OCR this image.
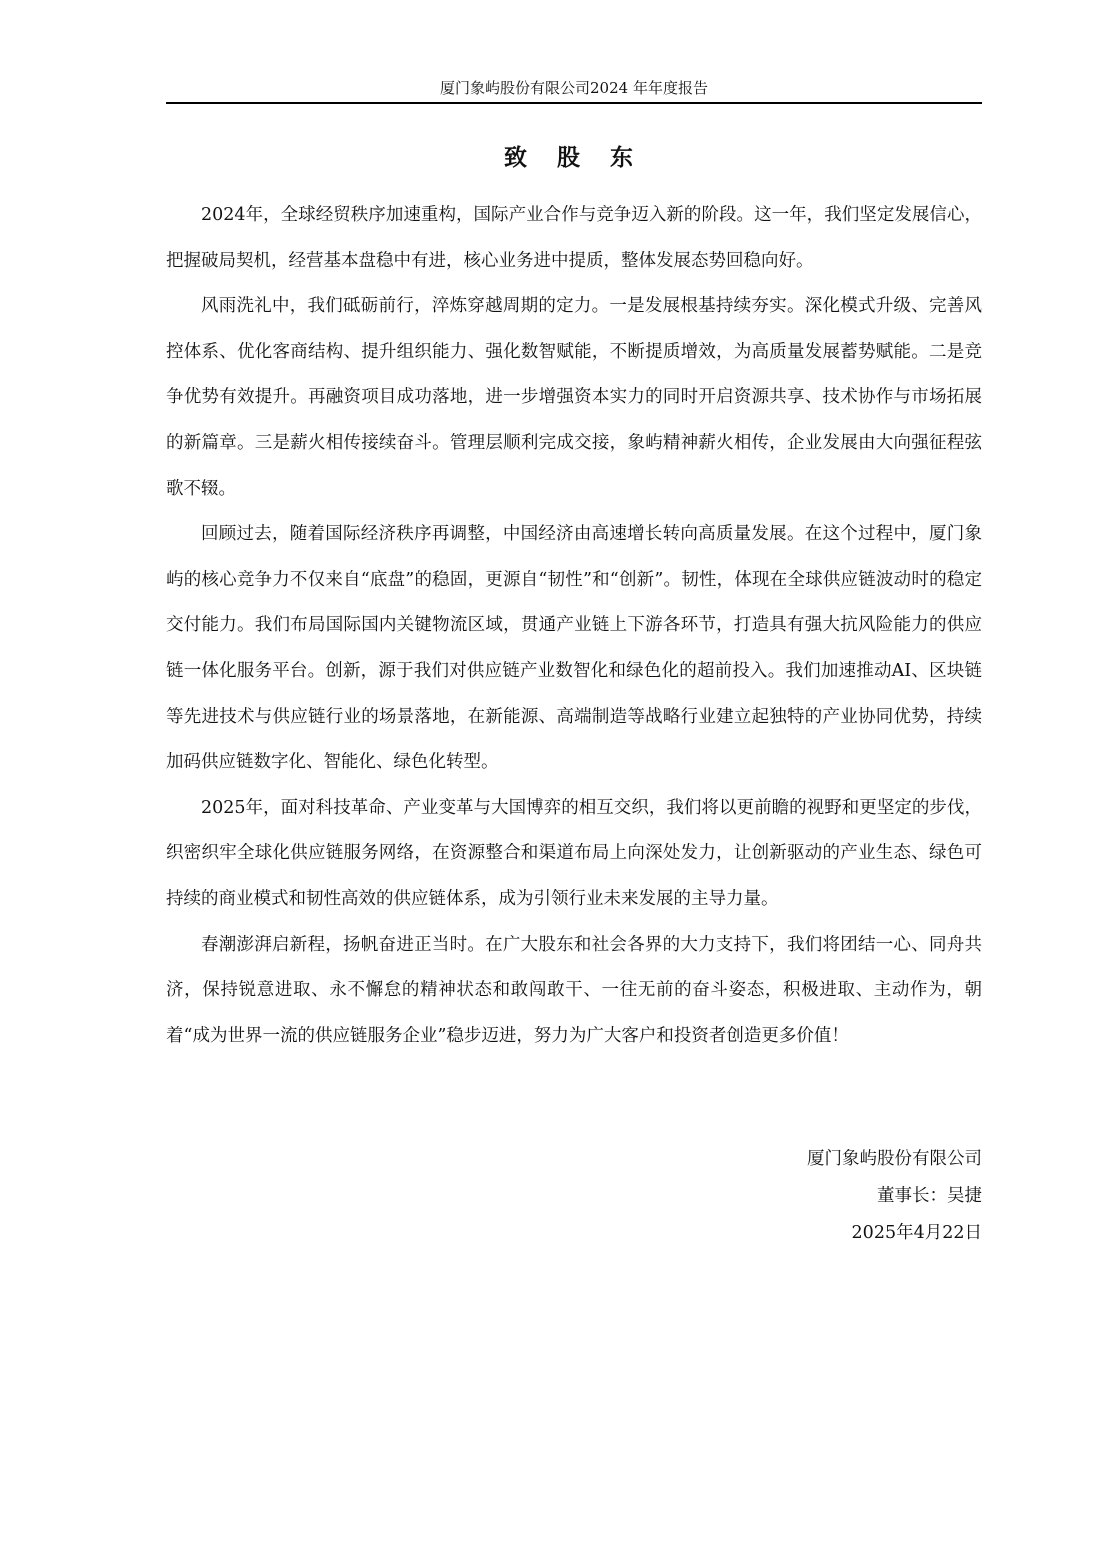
厦门象屿股份有限公司2024 年年度报告
致 股 东

2024年，全球经贸秩序加速重构，国际产业合作与竞争迈入新的阶段。这一年，我们坚定发展信心，把握破局契机，经营基本盘稳中有进，核心业务进中提质，整体发展态势回稳向好。

风雨洗礼中，我们砥砺前行，淬炼穿越周期的定力。一是发展根基持续夯实。深化模式升级、完善风控体系、优化客商结构、提升组织能力、强化数智赋能，不断提质增效，为高质量发展蓄势赋能。二是竞争优势有效提升。再融资项目成功落地，进一步增强资本实力的同时开启资源共享、技术协作与市场拓展的新篇章。三是薪火相传接续奋斗。管理层顺利完成交接，象屿精神薪火相传，企业发展由大向强征程弦歌不辍。

回顾过去，随着国际经济秩序再调整，中国经济由高速增长转向高质量发展。在这个过程中，厦门象屿的核心竞争力不仅来自“底盘”的稳固，更源自“韧性”和“创新”。韧性，体现在全球供应链波动时的稳定交付能力。我们布局国际国内关键物流区域，贯通产业链上下游各环节，打造具有强大抗风险能力的供应链一体化服务平台。创新，源于我们对供应链产业数智化和绿色化的超前投入。我们加速推动AI、区块链等先进技术与供应链行业的场景落地，在新能源、高端制造等战略行业建立起独特的产业协同优势，持续加码供应链数字化、智能化、绿色化转型。

2025年，面对科技革命、产业变革与大国博弈的相互交织，我们将以更前瞻的视野和更坚定的步伐，织密织牢全球化供应链服务网络，在资源整合和渠道布局上向深处发力，让创新驱动的产业生态、绿色可持续的商业模式和韧性高效的供应链体系，成为引领行业未来发展的主导力量。

春潮澎湃启新程，扬帆奋进正当时。在广大股东和社会各界的大力支持下，我们将团结一心、同舟共济，保持锐意进取、永不懈怠的精神状态和敢闯敢干、一往无前的奋斗姿态，积极进取、主动作为，朝着“成为世界一流的供应链服务企业”稳步迈进，努力为广大客户和投资者创造更多价值！

厦门象屿股份有限公司
董事长：吴捷
2025年4月22日
